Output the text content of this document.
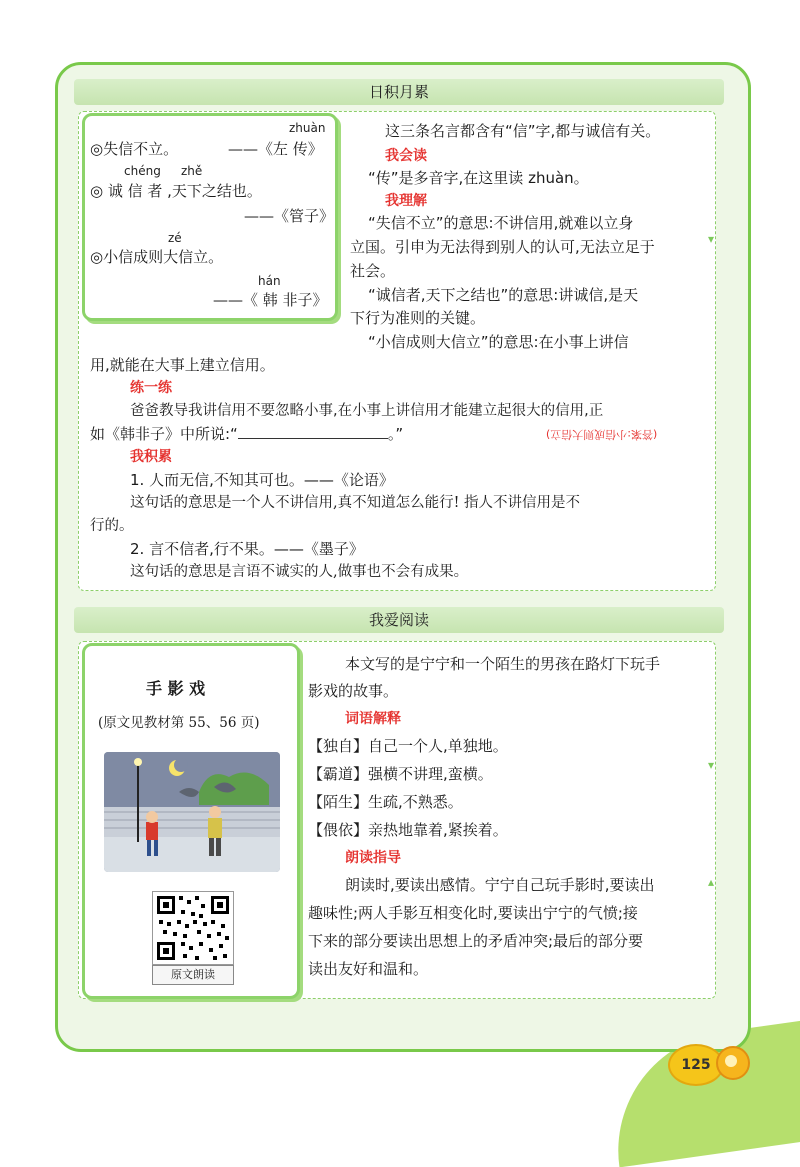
日积月累
▾
zhuàn
◎失信不立。	——《左 传》
chéng zhě
◎ 诚 信 者 ,天下之结也。
——《管子》
zé
◎小信成则大信立。
hán
——《 韩 非子》
这三条名言都含有“信”字,都与诚信有关。
我会读
“传”是多音字,在这里读 zhuàn。
我理解
“失信不立”的意思:不讲信用,就难以立身
立国。引申为无法得到别人的认可,无法立足于
社会。
“诚信者,天下之结也”的意思:讲诚信,是天
下行为准则的关键。
“小信成则大信立”的意思:在小事上讲信
用,就能在大事上建立信用。
练一练
爸爸教导我讲信用不要忽略小事,在小事上讲信用才能建立起很大的信用,正
如《韩非子》中所说:“	。”	(答案:小信成则大信立)
我积累
1. 人而无信,不知其可也。——《论语》
这句话的意思是一个人不讲信用,真不知道怎么能行! 指人不讲信用是不
行的。
2. 言不信者,行不果。——《墨子》
这句话的意思是言语不诚实的人,做事也不会有成果。
我爱阅读
▾
▴
手 影 戏
(原文见教材第 55、56 页)
原文朗读
本文写的是宁宁和一个陌生的男孩在路灯下玩手
影戏的故事。
词语解释
【独自】自己一个人,单独地。
【霸道】强横不讲理,蛮横。
【陌生】生疏,不熟悉。
【偎依】亲热地靠着,紧挨着。
朗读指导
朗读时,要读出感情。宁宁自己玩手影时,要读出
趣味性;两人手影互相变化时,要读出宁宁的气愤;接
下来的部分要读出思想上的矛盾冲突;最后的部分要
读出友好和温和。
125
